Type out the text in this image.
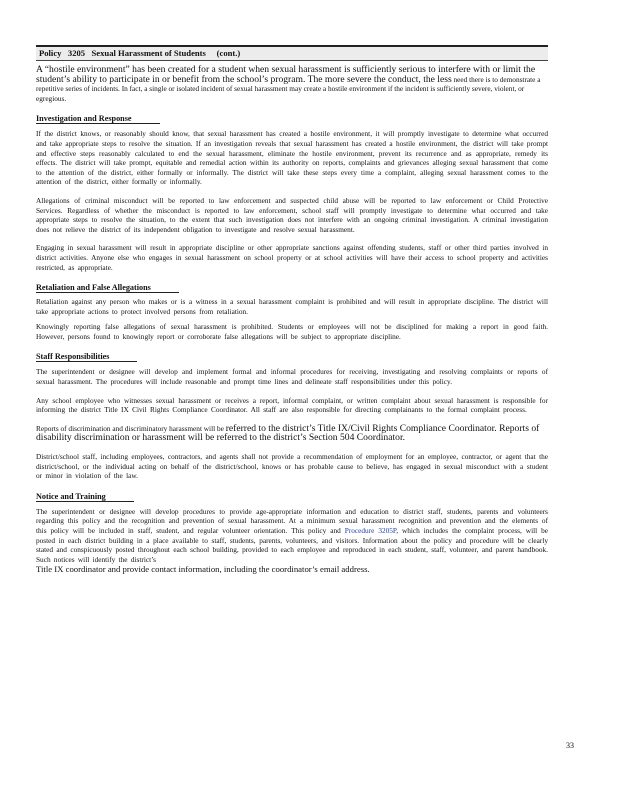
Policy 3205 Sexual Harassment of Students (cont.)

A “hostile environment” has been created for a student when sexual harassment is sufficiently serious to interfere with or limit the student’s ability to participate in or benefit from the school’s program. The more severe the conduct, the less need there is to demonstrate a repetitive series of incidents. In fact, a single or isolated incident of sexual harassment may create a hostile environment if the incident is sufficiently severe, violent, or egregious.

Investigation and Response

If the district knows, or reasonably should know, that sexual harassment has created a hostile environment, it will promptly investigate to determine what occurred and take appropriate steps to resolve the situation. If an investigation reveals that sexual harassment has created a hostile environment, the district will take prompt and effective steps reasonably calculated to end the sexual harassment, eliminate the hostile environment, prevent its recurrence and as appropriate, remedy its effects. The district will take prompt, equitable and remedial action within its authority on reports, complaints and grievances alleging sexual harassment that come to the attention of the district, either formally or informally. The district will take these steps every time a complaint, alleging sexual harassment comes to the attention of the district, either formally or informally.

Allegations of criminal misconduct will be reported to law enforcement and suspected child abuse will be reported to law enforcement or Child Protective Services. Regardless of whether the misconduct is reported to law enforcement, school staff will promptly investigate to determine what occurred and take appropriate steps to resolve the situation, to the extent that such investigation does not interfere with an ongoing criminal investigation. A criminal investigation does not relieve the district of its independent obligation to investigate and resolve sexual harassment.

Engaging in sexual harassment will result in appropriate discipline or other appropriate sanctions against offending students, staff or other third parties involved in district activities. Anyone else who engages in sexual harassment on school property or at school activities will have their access to school property and activities restricted, as appropriate.

Retaliation and False Allegations

Retaliation against any person who makes or is a witness in a sexual harassment complaint is prohibited and will result in appropriate discipline. The district will take appropriate actions to protect involved persons from retaliation.

Knowingly reporting false allegations of sexual harassment is prohibited. Students or employees will not be disciplined for making a report in good faith. However, persons found to knowingly report or corroborate false allegations will be subject to appropriate discipline.

Staff Responsibilities

The superintendent or designee will develop and implement formal and informal procedures for receiving, investigating and resolving complaints or reports of sexual harassment. The procedures will include reasonable and prompt time lines and delineate staff responsibilities under this policy.

Any school employee who witnesses sexual harassment or receives a report, informal complaint, or written complaint about sexual harassment is responsible for informing the district Title IX Civil Rights Compliance Coordinator. All staff are also responsible for directing complainants to the formal complaint process.

Reports of discrimination and discriminatory harassment will be referred to the district’s Title IX/Civil Rights Compliance Coordinator. Reports of disability discrimination or harassment will be referred to the district’s Section 504 Coordinator.

District/school staff, including employees, contractors, and agents shall not provide a recommendation of employment for an employee, contractor, or agent that the district/school, or the individual acting on behalf of the district/school, knows or has probable cause to believe, has engaged in sexual misconduct with a student or minor in violation of the law.

Notice and Training

The superintendent or designee will develop procedures to provide age-appropriate information and education to district staff, students, parents and volunteers regarding this policy and the recognition and prevention of sexual harassment. At a minimum sexual harassment recognition and prevention and the elements of this policy will be included in staff, student, and regular volunteer orientation. This policy and Procedure 3205P, which includes the complaint process, will be posted in each district building in a place available to staff, students, parents, volunteers, and visitors. Information about the policy and procedure will be clearly stated and conspicuously posted throughout each school building, provided to each employee and reproduced in each student, staff, volunteer, and parent handbook. Such notices will identify the district’s

Title IX coordinator and provide contact information, including the coordinator’s email address.

33
